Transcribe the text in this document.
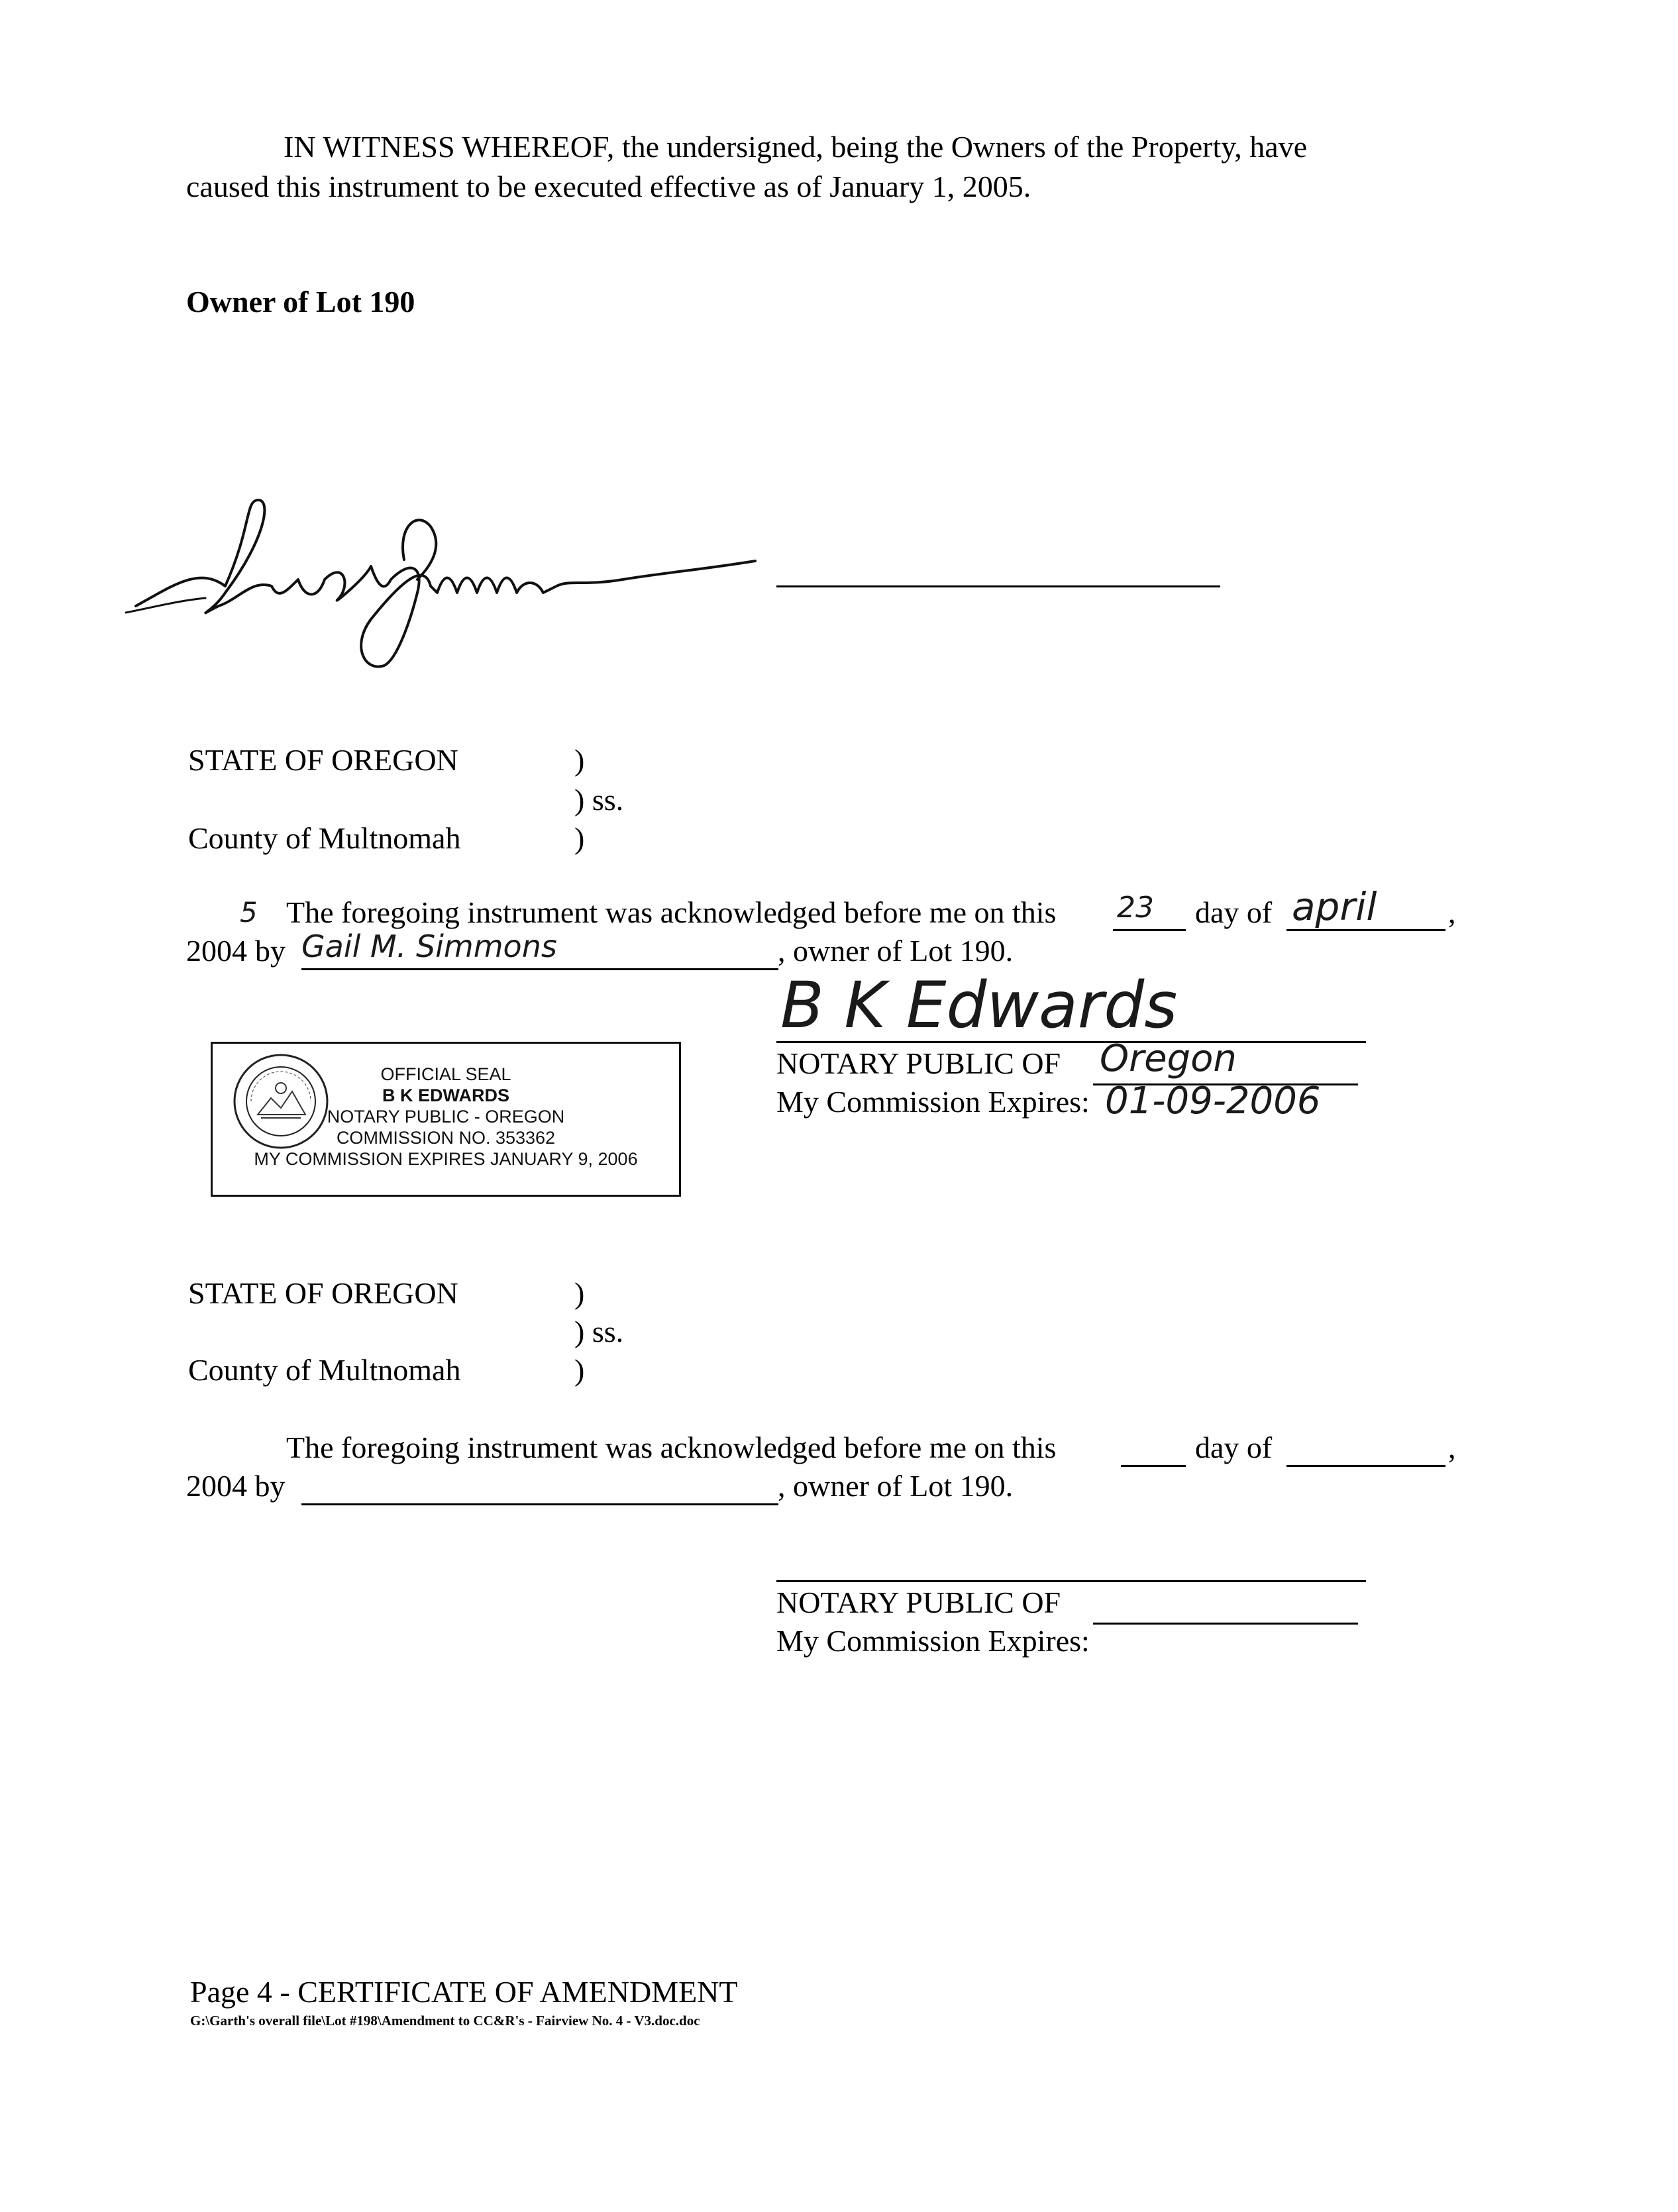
IN WITNESS WHEREOF, the undersigned, being the Owners of the Property, have
caused this instrument to be executed effective as of January 1, 2005.
Owner of Lot 190
STATE OF OREGON	)
) ss.
County of Multnomah	)
5 The foregoing instrument was acknowledged before me on this 23 day of april ,
2004 by Gail M. Simmons	, owner of Lot 190.
B K Edwards
NOTARY PUBLIC OF Oregon
My Commission Expires: 01-09-2006
OFFICIAL SEAL
B K EDWARDS
NOTARY PUBLIC - OREGON
COMMISSION NO. 353362
MY COMMISSION EXPIRES JANUARY 9, 2006
STATE OF OREGON	)
) ss.
County of Multnomah	)
The foregoing instrument was acknowledged before me on this	day of	,
2004 by	, owner of Lot 190.
NOTARY PUBLIC OF
My Commission Expires:
Page 4 - CERTIFICATE OF AMENDMENT
G:\Garth's overall file\Lot #198\Amendment to CC&R's - Fairview No. 4 - V3.doc.doc
